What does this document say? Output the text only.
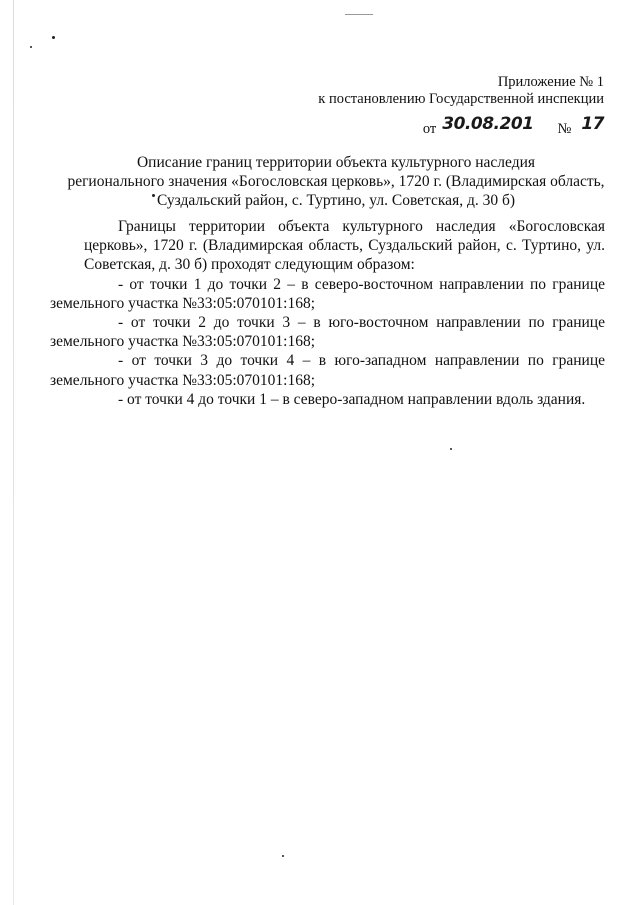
Приложение № 1
к постановлению Государственной инспекции
от 30.08.201 № 17
Описание границ территории объекта культурного наследия
регионального значения «Богословская церковь», 1720 г. (Владимирская область,
Суздальский район, с. Туртино, ул. Советская, д. 30 б)

Границы территории объекта культурного наследия «Богословская церковь», 1720 г. (Владимирская область, Суздальский район, с. Туртино, ул. Советская, д. 30 б) проходят следующим образом:

- от точки 1 до точки 2 – в северо-восточном направлении по границе
земельного участка №33:05:070101:168;

- от точки 2 до точки 3 – в юго-восточном направлении по границе
земельного участка №33:05:070101:168;

- от точки 3 до точки 4 – в юго-западном направлении по границе
земельного участка №33:05:070101:168;

- от точки 4 до точки 1 – в северо-западном направлении вдоль здания.
